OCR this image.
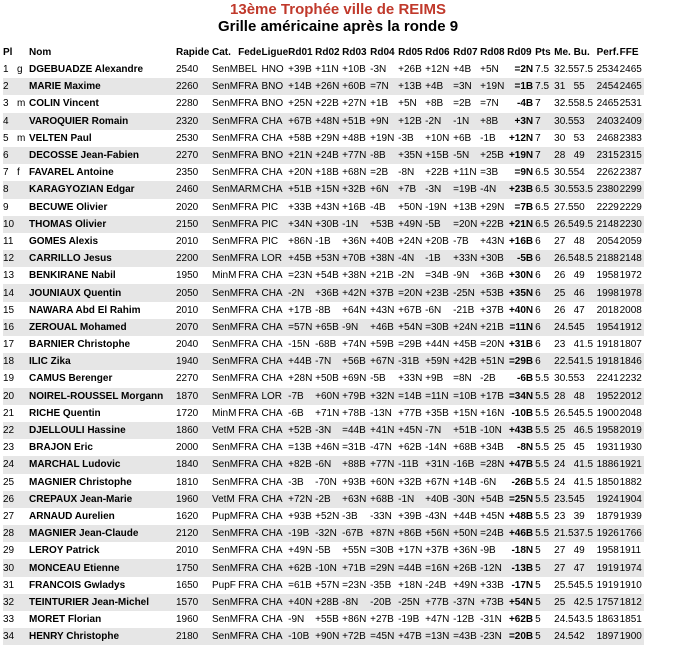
13ème Trophée ville de REIMS
Grille américaine après la ronde 9
Pl		Nom	Rapide	Cat.	Fede	Ligue	Rd01	Rd02	Rd03	Rd04	Rd05	Rd06	Rd07	Rd08	Rd09	Pts	Me.	Bu.	Perf.	FFE
1	g	DGEBUADZE Alexandre	2540	SenM	BEL	HNO	+39B	+11N	+10B	-3N	+26B	+12N	+4B	+5N	=2N	7.5	32.5	57.5	2534	2465
2		MARIE Maxime	2260	SenM	FRA	BNO	+14B	+26N	+60B	=7N	+13B	+4B	=3N	+19N	=1B	7.5	31	55	2454	2465
3	m	COLIN Vincent	2280	SenM	FRA	BNO	+25N	+22B	+27N	+1B	+5N	+8B	=2B	=7N	-4B	7	32.5	58.5	2465	2531
4		VAROQUIER Romain	2320	SenM	FRA	CHA	+67B	+48N	+51B	+9N	+12B	-2N	-1N	+8B	+3N	7	30.5	53	2403	2409
5	m	VELTEN Paul	2530	SenM	FRA	CHA	+58B	+29N	+48B	+19N	-3B	+10N	+6B	-1B	+12N	7	30	53	2468	2383
6		DECOSSE Jean-Fabien	2270	SenM	FRA	BNO	+21N	+24B	+77N	-8B	+35N	+15B	-5N	+25B	+19N	7	28	49	2315	2315
7	f	FAVAREL Antoine	2350	SenM	FRA	CHA	+20N	+18B	+68N	=2B	-8N	+22B	+11N	=3B	=9N	6.5	30.5	54	2262	2387
8		KARAGYOZIAN Edgar	2460	SenM	ARM	CHA	+51B	+15N	+32B	+6N	+7B	-3N	=19B	-4N	+23B	6.5	30.5	53.5	2380	2299
9		BECUWE Olivier	2020	SenM	FRA	PIC	+33B	+43N	+16B	-4B	+50N	-19N	+13B	+29N	=7B	6.5	27.5	50	2229	2229
10		THOMAS Olivier	2150	SenM	FRA	PIC	+34N	+30B	-1N	+53B	+49N	-5B	=20N	+22B	+21N	6.5	26.5	49.5	2148	2230
11		GOMES Alexis	2010	SenM	FRA	PIC	+86N	-1B	+36N	+40B	+24N	+20B	-7B	+43N	+16B	6	27	48	2054	2059
12		CARRILLO Jesus	2200	SenM	FRA	LOR	+45B	+53N	+70B	+38N	-4N	-1B	+33N	+30B	-5B	6	26.5	48.5	2188	2148
13		BENKIRANE Nabil	1950	MinM	FRA	CHA	=23N	+54B	+38N	+21B	-2N	=34B	-9N	+36B	+30N	6	26	49	1958	1972
14		JOUNIAUX Quentin	2050	SenM	FRA	CHA	-2N	+36B	+42N	+37B	=20N	+23B	-25N	+53B	+35N	6	25	46	1998	1978
15		NAWARA Abd El Rahim	2010	SenM	FRA	CHA	+17B	-8B	+64N	+43N	+67B	-6N	-21B	+37B	+40N	6	26	47	2018	2008
16		ZEROUAL Mohamed	2070	SenM	FRA	CHA	=57N	+65B	-9N	+46B	+54N	=30B	+24N	+21B	=11N	6	24.5	45	1954	1912
17		BARNIER Christophe	2040	SenM	FRA	CHA	-15N	-68B	+74N	+59B	=29B	+44N	+45B	=20N	+31B	6	23	41.5	1918	1807
18		ILIC Zika	1940	SenM	FRA	CHA	+44B	-7N	+56B	+67N	-31B	+59N	+42B	+51N	=29B	6	22.5	41.5	1918	1846
19		CAMUS Berenger	2270	SenM	FRA	CHA	+28N	+50B	+69N	-5B	+33N	+9B	=8N	-2B	-6B	5.5	30.5	53	2241	2232
20		NOIREL-ROUSSEL Morgann	1870	SenM	FRA	LOR	-7B	+60N	+79B	+32N	=14B	=11N	=10B	+17B	=34N	5.5	28	48	1952	2012
21		RICHE Quentin	1720	MinM	FRA	CHA	-6B	+71N	+78B	-13N	+77B	+35B	+15N	+16N	-10B	5.5	26.5	45.5	1900	2048
22		DJELLOULI Hassine	1860	VetM	FRA	CHA	+52B	-3N	=44B	+41N	+45N	-7N	+51B	-10N	+43B	5.5	25	46.5	1958	2019
23		BRAJON Eric	2000	SenM	FRA	CHA	=13B	+46N	=31B	-47N	+62B	-14N	+68B	+34B	-8N	5.5	25	45	1931	1930
24		MARCHAL Ludovic	1840	SenM	FRA	CHA	+82B	-6N	+88B	+77N	-11B	+31N	-16B	=28N	+47B	5.5	24	41.5	1886	1921
25		MAGNIER Christophe	1810	SenM	FRA	CHA	-3B	-70N	+93B	+60N	+32B	+67N	+14B	-6N	-26B	5.5	24	41.5	1850	1882
26		CREPAUX Jean-Marie	1960	VetM	FRA	CHA	+72N	-2B	+63N	+68B	-1N	+40B	-30N	+54B	=25N	5.5	23.5	45	1924	1904
27		ARNAUD Aurelien	1620	PupM	FRA	CHA	+93B	+52N	-3B	-33N	+39B	-43N	+44B	+45N	+48B	5.5	23	39	1879	1939
28		MAGNIER Jean-Claude	2120	SenM	FRA	CHA	-19B	-32N	-67B	+87N	+86B	+56N	+50N	=24B	+46B	5.5	21.5	37.5	1926	1766
29		LEROY Patrick	2010	SenM	FRA	CHA	+49N	-5B	+55N	=30B	+17N	+37B	+36N	-9B	-18N	5	27	49	1958	1911
30		MONCEAU Etienne	1750	SenM	FRA	CHA	+62B	-10N	+71B	=29N	=44B	=16N	+26B	-12N	-13B	5	27	47	1919	1974
31		FRANCOIS Gwladys	1650	PupF	FRA	CHA	=61B	+57N	=23N	-35B	+18N	-24B	+49N	+33B	-17N	5	25.5	45.5	1919	1910
32		TEINTURIER Jean-Michel	1570	SenM	FRA	CHA	+40N	+28B	-8N	-20B	-25N	+77B	-37N	+73B	+54N	5	25	42.5	1757	1812
33		MORET Florian	1960	SenM	FRA	CHA	-9N	+55B	+86N	+27B	-19B	+47N	-12B	-31N	+62B	5	24.5	43.5	1863	1851
34		HENRY Christophe	2180	SenM	FRA	CHA	-10B	+90N	+72B	=45N	+47B	=13N	=43B	-23N	=20B	5	24.5	42	1897	1900
